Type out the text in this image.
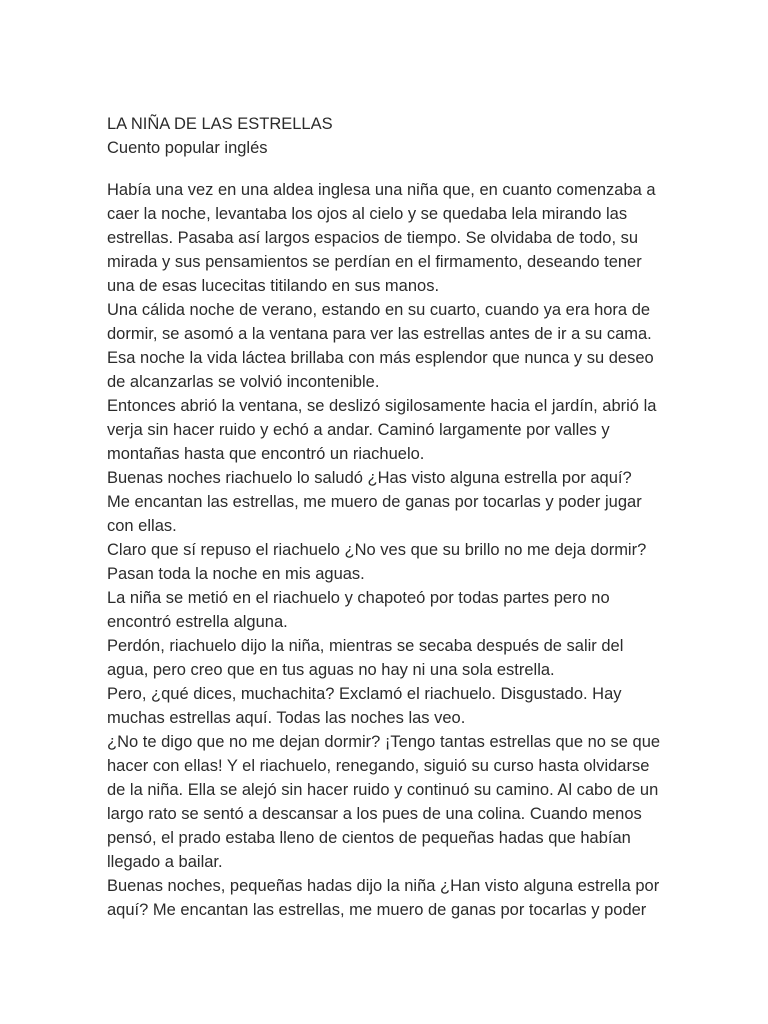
LA NIÑA DE LAS ESTRELLAS

Cuento popular inglés

Había una vez en una aldea inglesa una niña que, en cuanto comenzaba a

caer la noche, levantaba los ojos al cielo y se quedaba lela mirando las

estrellas. Pasaba así largos espacios de tiempo. Se olvidaba de todo, su

mirada y sus pensamientos se perdían en el firmamento, deseando tener

una de esas lucecitas titilando en sus manos.

Una cálida noche de verano, estando en su cuarto, cuando ya era hora de

dormir, se asomó a la ventana para ver las estrellas antes de ir a su cama.

Esa noche la vida láctea brillaba con más esplendor que nunca y su deseo

de alcanzarlas se volvió incontenible.

Entonces abrió la ventana, se deslizó sigilosamente hacia el jardín, abrió la

verja sin hacer ruido y echó a andar. Caminó largamente por valles y

montañas hasta que encontró un riachuelo.

Buenas noches riachuelo lo saludó ¿Has visto alguna estrella por aquí?

Me encantan las estrellas, me muero de ganas por tocarlas y poder jugar

con ellas.

Claro que sí repuso el riachuelo ¿No ves que su brillo no me deja dormir?

Pasan toda la noche en mis aguas.

La niña se metió en el riachuelo y chapoteó por todas partes pero no

encontró estrella alguna.

Perdón, riachuelo dijo la niña, mientras se secaba después de salir del

agua, pero creo que en tus aguas no hay ni una sola estrella.

Pero, ¿qué dices, muchachita? Exclamó el riachuelo. Disgustado. Hay

muchas estrellas aquí. Todas las noches las veo.

¿No te digo que no me dejan dormir? ¡Tengo tantas estrellas que no se que

hacer con ellas! Y el riachuelo, renegando, siguió su curso hasta olvidarse

de la niña. Ella se alejó sin hacer ruido y continuó su camino. Al cabo de un

largo rato se sentó a descansar a los pues de una colina. Cuando menos

pensó, el prado estaba lleno de cientos de pequeñas hadas que habían

llegado a bailar.

Buenas noches, pequeñas hadas dijo la niña ¿Han visto alguna estrella por

aquí? Me encantan las estrellas, me muero de ganas por tocarlas y poder
